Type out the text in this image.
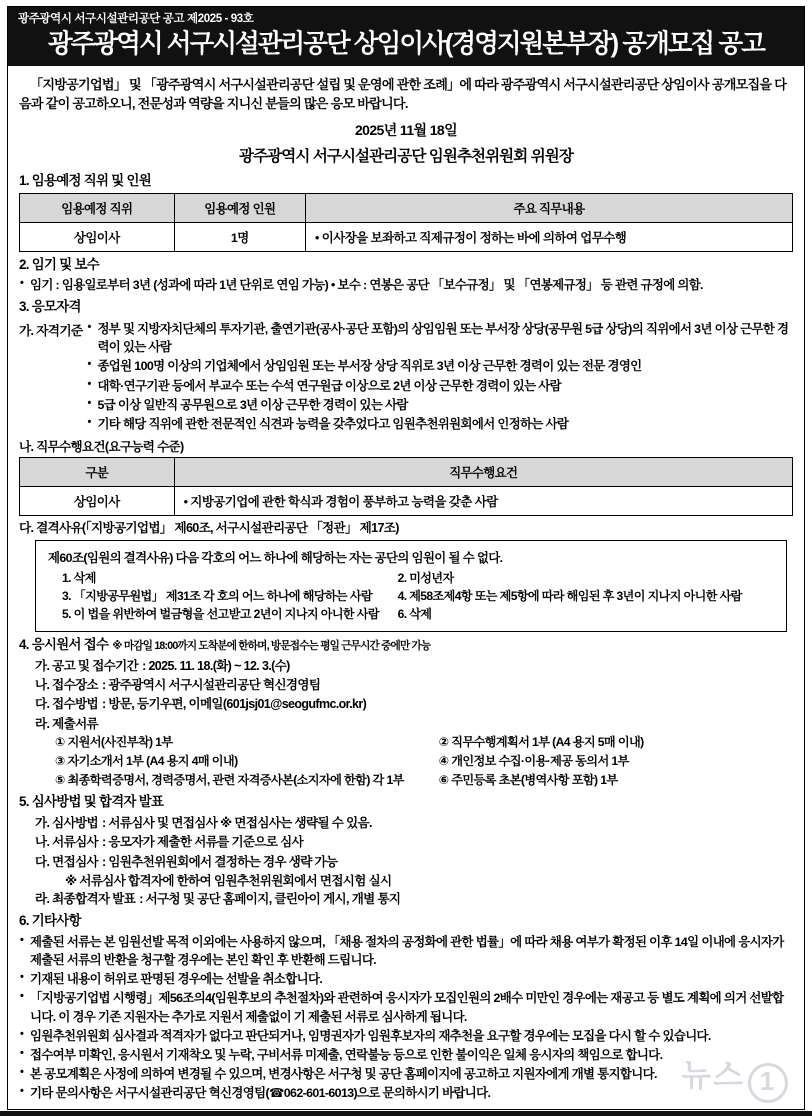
광주광역시 서구시설관리공단 공고 제2025 - 93호
광주광역시 서구시설관리공단 상임이사(경영지원본부장) 공개모집 공고
「지방공기업법」 및 「광주광역시 서구시설관리공단 설립 및 운영에 관한 조례」에 따라 광주광역시 서구시설관리공단 상임이사 공개모집을 다음과 같이 공고하오니, 전문성과 역량을 지니신 분들의 많은 응모 바랍니다.
2025년 11월 18일
광주광역시 서구시설관리공단 임원추천위원회 위원장
1. 임용예정 직위 및 인원
임용예정 직위	임용예정 인원	주요 직무내용
상임이사	1명	• 이사장을 보좌하고 직제규정이 정하는 바에 의하여 업무수행
2. 임기 및 보수
• 임기 : 임용일로부터 3년 (성과에 따라 1년 단위로 연임 가능) • 보수 : 연봉은 공단 「보수규정」 및 「연봉제규정」 등 관련 규정에 의함.
3. 응모자격
가. 자격기준	• 정부 및 지방자치단체의 투자기관, 출연기관(공사·공단 포함)의 상임임원 또는 부서장 상당(공무원 5급 상당)의 직위에서 3년 이상 근무한 경력이 있는 사람
• 종업원 100명 이상의 기업체에서 상임임원 또는 부서장 상당 직위로 3년 이상 근무한 경력이 있는 전문 경영인
• 대학·연구기관 등에서 부교수 또는 수석 연구원급 이상으로 2년 이상 근무한 경력이 있는 사람
• 5급 이상 일반직 공무원으로 3년 이상 근무한 경력이 있는 사람
• 기타 해당 직위에 관한 전문적인 식견과 능력을 갖추었다고 임원추천위원회에서 인정하는 사람
나. 직무수행요건(요구능력 수준)
구분	직무수행요건
상임이사	• 지방공기업에 관한 학식과 경험이 풍부하고 능력을 갖춘 사람
다. 결격사유(「지방공기업법」 제60조, 서구시설관리공단 「정관」 제17조)
제60조(임원의 결격사유) 다음 각호의 어느 하나에 해당하는 자는 공단의 임원이 될 수 없다.
1. 삭제	2. 미성년자
3. 「지방공무원법」 제31조 각 호의 어느 하나에 해당하는 사람	4. 제58조제4항 또는 제5항에 따라 해임된 후 3년이 지나지 아니한 사람
5. 이 법을 위반하여 벌금형을 선고받고 2년이 지나지 아니한 사람	6. 삭제
4. 응시원서 접수 ※ 마감일 18:00까지 도착분에 한하며, 방문접수는 평일 근무시간 중에만 가능
가. 공고 및 접수기간 : 2025. 11. 18.(화) ~ 12. 3.(수)
나. 접수장소 : 광주광역시 서구시설관리공단 혁신경영팀
다. 접수방법 : 방문, 등기우편, 이메일(601jsj01@seogufmc.or.kr)
라. 제출서류
① 지원서(사진부착) 1부	② 직무수행계획서 1부 (A4 용지 5매 이내)
③ 자기소개서 1부 (A4 용지 4매 이내)	④ 개인정보 수집·이용·제공 동의서 1부
⑤ 최종학력증명서, 경력증명서, 관련 자격증사본(소지자에 한함) 각 1부	⑥ 주민등록 초본(병역사항 포함) 1부
5. 심사방법 및 합격자 발표
가. 심사방법 : 서류심사 및 면접심사 ※ 면접심사는 생략될 수 있음.
나. 서류심사 : 응모자가 제출한 서류를 기준으로 심사
다. 면접심사 : 임원추천위원회에서 결정하는 경우 생략 가능
※ 서류심사 합격자에 한하여 임원추천위원회에서 면접시험 실시
라. 최종합격자 발표 : 서구청 및 공단 홈페이지, 클린아이 게시, 개별 통지
6. 기타사항
• 제출된 서류는 본 임원선발 목적 이외에는 사용하지 않으며, 「채용 절차의 공정화에 관한 법률」에 따라 채용 여부가 확정된 이후 14일 이내에 응시자가 제출된 서류의 반환을 청구할 경우에는 본인 확인 후 반환해 드립니다.
• 기재된 내용이 허위로 판명된 경우에는 선발을 취소합니다.
• 「지방공기업법 시행령」제56조의4(임원후보의 추천절차)와 관련하여 응시자가 모집인원의 2배수 미만인 경우에는 재공고 등 별도 계획에 의거 선발합니다. 이 경우 기존 지원자는 추가로 지원서 제출없이 기 제출된 서류로 심사하게 됩니다.
• 임원추천위원회 심사결과 적격자가 없다고 판단되거나, 임명권자가 임원후보자의 재추천을 요구할 경우에는 모집을 다시 할 수 있습니다.
• 접수여부 미확인, 응시원서 기재착오 및 누락, 구비서류 미제출, 연락불능 등으로 인한 불이익은 일체 응시자의 책임으로 합니다.
• 본 공모계획은 사정에 의하여 변경될 수 있으며, 변경사항은 서구청 및 공단 홈페이지에 공고하고 지원자에게 개별 통지합니다.
• 기타 문의사항은 서구시설관리공단 혁신경영팀(☎062-601-6013)으로 문의하시기 바랍니다.	뉴스 1
